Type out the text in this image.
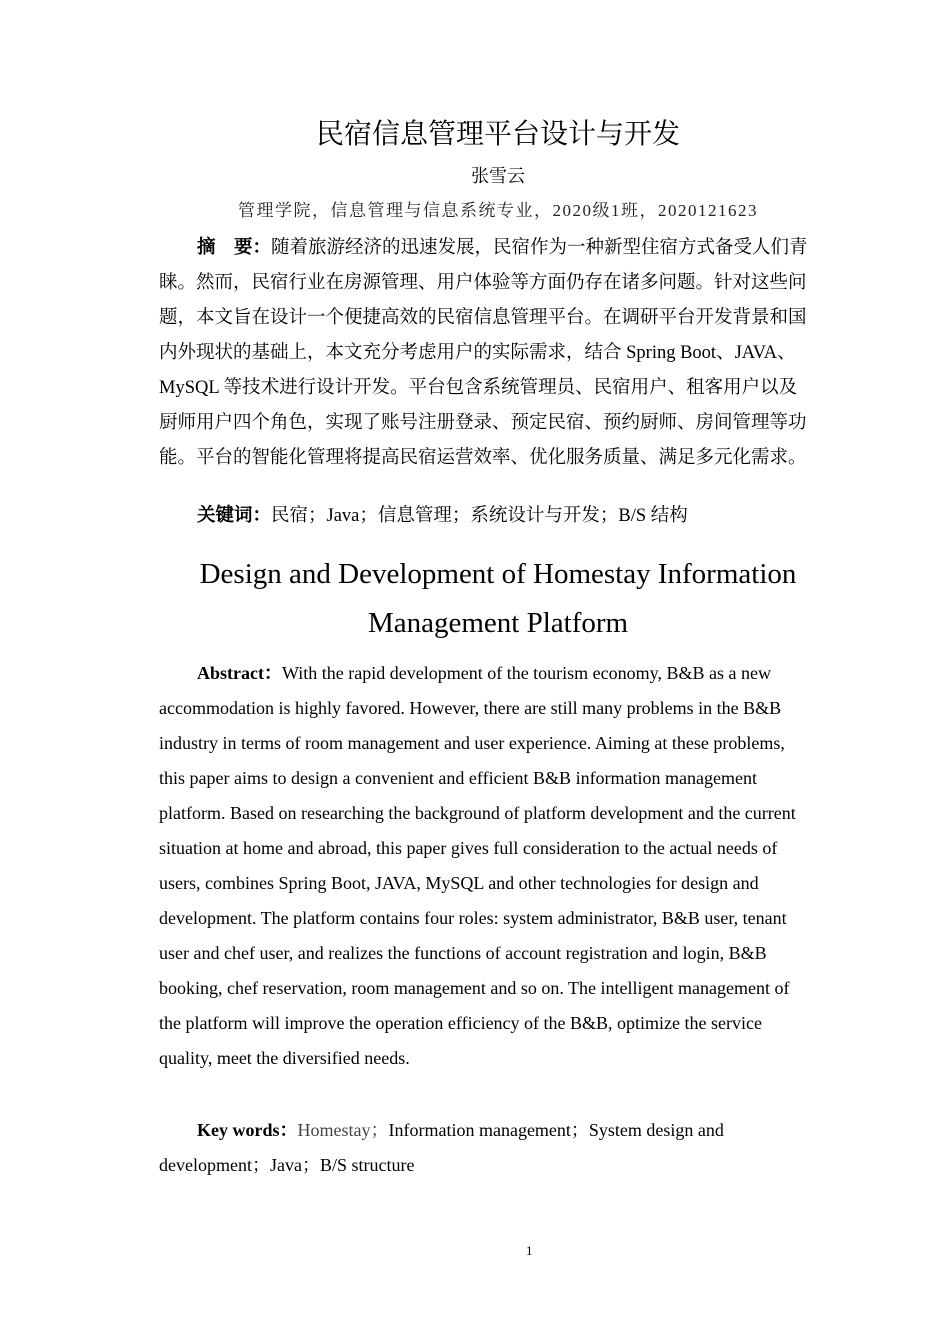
民宿信息管理平台设计与开发
张雪云
管理学院，信息管理与信息系统专业，2020级1班，2020121623
摘　要：随着旅游经济的迅速发展，民宿作为一种新型住宿方式备受人们青
睐。然而，民宿行业在房源管理、用户体验等方面仍存在诸多问题。针对这些问
题，本文旨在设计一个便捷高效的民宿信息管理平台。在调研平台开发背景和国
内外现状的基础上，本文充分考虑用户的实际需求，结合 Spring Boot、JAVA、
MySQL 等技术进行设计开发。平台包含系统管理员、民宿用户、租客用户以及
厨师用户四个角色，实现了账号注册登录、预定民宿、预约厨师、房间管理等功
能。平台的智能化管理将提高民宿运营效率、优化服务质量、满足多元化需求。
关键词：民宿；Java；信息管理；系统设计与开发；B/S 结构
Design and Development of Homestay Information
Management Platform
Abstract：With the rapid development of the tourism economy, B&B as a new
accommodation is highly favored. However, there are still many problems in the B&B
industry in terms of room management and user experience. Aiming at these problems,
this paper aims to design a convenient and efficient B&B information management
platform. Based on researching the background of platform development and the current
situation at home and abroad, this paper gives full consideration to the actual needs of
users, combines Spring Boot, JAVA, MySQL and other technologies for design and
development. The platform contains four roles: system administrator, B&B user, tenant
user and chef user, and realizes the functions of account registration and login, B&B
booking, chef reservation, room management and so on. The intelligent management of
the platform will improve the operation efficiency of the B&B, optimize the service
quality, meet the diversified needs.
Key words：Homestay；Information management；System design and
development；Java；B/S structure
1
